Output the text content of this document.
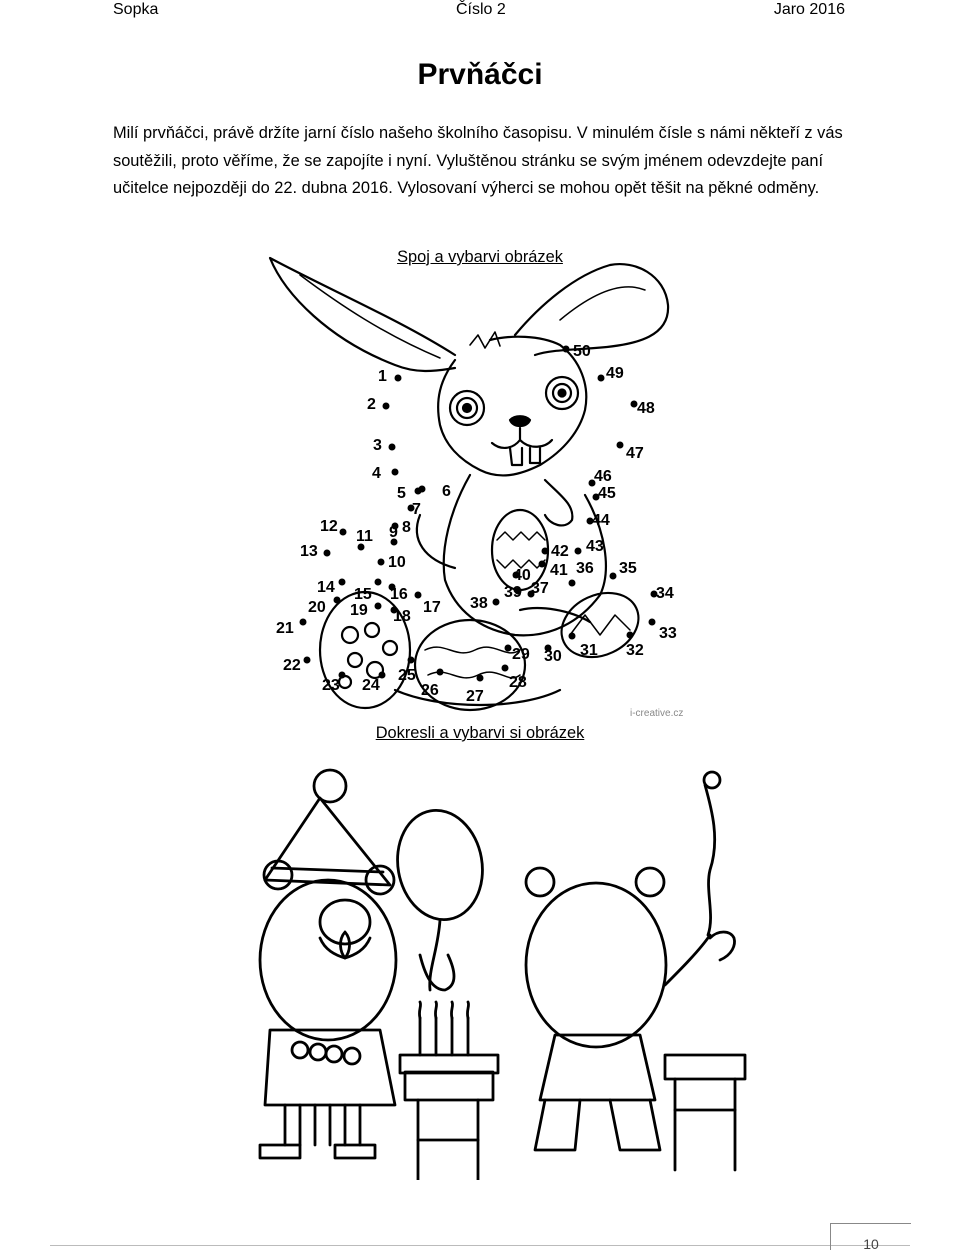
Sopka	Číslo 2	Jaro 2016
Prvňáčci

Milí prvňáčci, právě držíte jarní číslo našeho školního časopisu. V minulém čísle s námi někteří z vás soutěžili, proto věříme, že se zapojíte i nyní. Vyluštěnou stránku se svým jménem odevzdejte paní učitelce nejpozději do 22. dubna 2016. Vylosovaní výherci se mohou opět těšit na pěkné odměny.

Spoj a vybarvi obrázek
1
2
3
4
5 6
7
8
9
10
11
12
13
14 15 16
17
18
19
20
21
22
23 24
25
26 27
28
29 30 31 32
33
34
35
36
37
38
39
40 41
42 43
44
45
46
47
48
49
50
i-creative.cz
Dokresli a vybarvi si obrázek
10
